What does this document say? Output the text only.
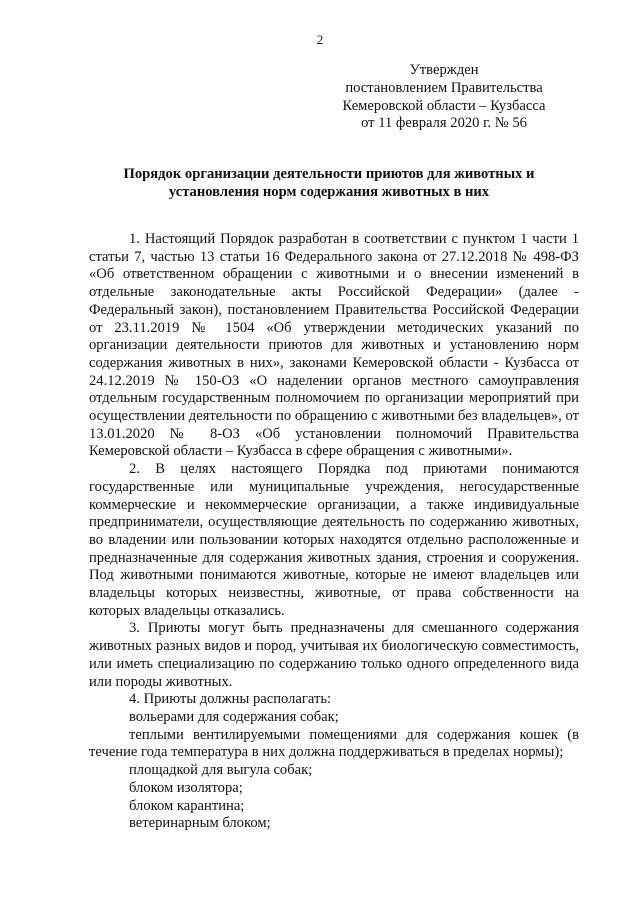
2
Утвержден
постановлением Правительства
Кемеровской области – Кузбасса
от 11 февраля 2020 г. № 56
Порядок организации деятельности приютов для животных и
установления норм содержания животных в них

1. Настоящий Порядок разработан в соответствии с пунктом 1 части 1 статьи 7, частью 13 статьи 16 Федерального закона от 27.12.2018 № 498-ФЗ «Об ответственном обращении с животными и о внесении изменений в отдельные законодательные акты Российской Федерации» (далее - Федеральный закон), постановлением Правительства Российской Федерации от 23.11.2019 № 1504 «Об утверждении методических указаний по организации деятельности приютов для животных и установлению норм содержания животных в них», законами Кемеровской области - Кузбасса от 24.12.2019 № 150-ОЗ «О наделении органов местного самоуправления отдельным государственным полномочием по организации мероприятий при осуществлении деятельности по обращению с животными без владельцев», от 13.01.2020 № 8-ОЗ «Об установлении полномочий Правительства Кемеровской области – Кузбасса в сфере обращения с животными».

2. В целях настоящего Порядка под приютами понимаются государственные или муниципальные учреждения, негосударственные коммерческие и некоммерческие организации, а также индивидуальные предприниматели, осуществляющие деятельность по содержанию животных, во владении или пользовании которых находятся отдельно расположенные и предназначенные для содержания животных здания, строения и сооружения. Под животными понимаются животные, которые не имеют владельцев или владельцы которых неизвестны, животные, от права собственности на которых владельцы отказались.

3. Приюты могут быть предназначены для смешанного содержания животных разных видов и пород, учитывая их биологическую совместимость, или иметь специализацию по содержанию только одного определенного вида или породы животных.

4. Приюты должны располагать:

вольерами для содержания собак;

теплыми вентилируемыми помещениями для содержания кошек (в течение года температура в них должна поддерживаться в пределах нормы);

площадкой для выгула собак;

блоком изолятора;

блоком карантина;

ветеринарным блоком;
